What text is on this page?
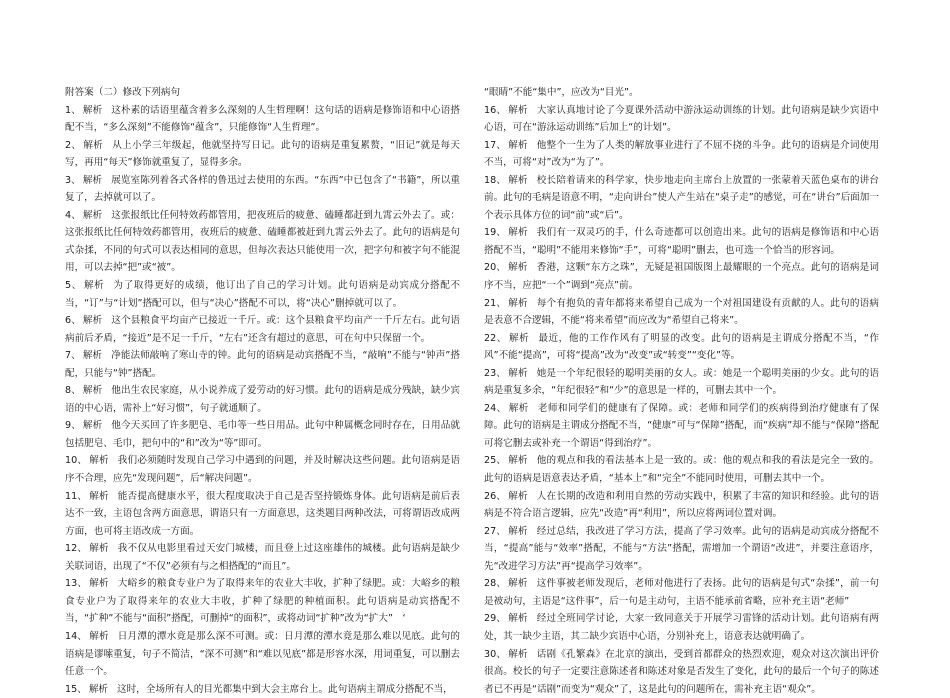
附答案（二）修改下列病句

1、 解析 这朴素的话语里蕴含着多么深刻的人生哲理啊！这句话的语病是修饰语和中心语搭配不当，“多么深刻”不能修饰“蕴含”，只能修饰“人生哲理”。

2、 解析 从上小学三年级起，他就坚持写日记。此句的语病是重复累赘，“旧记”就是每天写，再用“每天”修饰就重复了，显得多余。

3、 解析 展览室陈列着各式各样的鲁迅过去使用的东西。“东西”中已包含了“书籍”，所以重复了，去掉就可以了。

4、 解析 这张报纸比任何特效药都管用，把夜班后的疲惫、磕睡都赶到九霄云外去了。或：这张报纸比任何特效药都管用，夜班后的疲惫、磕睡都被赶到九霄云外去了。此句的语病是句式杂揉，不同的句式可以表达相同的意思，但每次表达只能使用一次，把字句和被字句不能混用，可以去掉“把”或“被”。

5、 解析 为了取得更好的成绩，他订出了自己的学习计划。此句语病是动宾成分搭配不当，“订”与“计划”搭配可以，但与“决心”搭配不可以，将“决心”删掉就可以了。

6、 解析 这个县粮食平均亩产已接近一千斤。或：这个县粮食平均亩产一千斤左右。此句语病前后矛盾，“接近”是不足一千斤，“左右”还含有超过的意思，可在句中只保留一个。

7、 解析 净能法师敲响了寒山寺的钟。此句的语病是动宾搭配不当，“敲响”不能与“钟声”搭配，只能与“钟”搭配。

8、 解析 他出生农民家庭，从小说养成了爱劳动的好习惯。此句的语病是成分残缺，缺少宾语的中心语，需补上“好习惯”，句子就通顺了。

9、 解析 他今天买回了许多肥皂、毛巾等一些日用品。此句中种属概念同时存在，日用品就包括肥皂、毛巾，把句中的“和”改为“等”即可。

10、 解析 我们必须随时发现自己学习中遇到的问题，并及时解决这些问题。此句语病是语序不合理，应先“发现问题”，后“解决问题”。

11、 解析 能否提高健康水平，很大程度取决于自己是否坚持锻炼身体。此句语病是前后表达不一致，主语包含两方面意思，谓语只有一方面意思，这类题目两种改法，可将谓语改成两方面，也可将主语改成一方面。

12、 解析 我不仅从电影里看过天安门城楼，而且登上过这座雄伟的城楼。此句语病是缺少关联词语，出现了“不仅”必须有与之相搭配的“而且”。

13、 解析 大峪乡的粮食专业户为了取得来年的农业大丰收，扩种了绿肥。或：大峪乡的粮食专业户为了取得来年的农业大丰收，扩种了绿肥的种植面积。此句语病是动宾搭配不当，“扩种”不能与“面积”搭配，可删掉“的面积”，或将动词“扩种”改为“扩大”　‘

14、 解析 日月潭的潭水竟是那么深不可测。或：日月潭的潭水竟是那么难以见底。此句的语病是谬嗦重复，句子不简洁，“深不可测”和“难以见底”都是形容水深，用词重复，可以删去任意一个。

15、 解析 这时，全场所有人的目光都集中到大会主席台上。此句语病主谓成分搭配不当，

“眼睛”不能“集中”，应改为“目光”。

16、 解析 大家认真地讨论了今夏课外活动中游泳运动训练的计划。此句语病是缺少宾语中心语，可在“游泳运动训练”后加上“的计划”。

17、 解析 他整个一生为了人类的解放事业进行了不屈不挠的斗争。此句的语病是介词使用不当，可将“对”改为“为了”。

18、 解析 校长陪着请来的科学家，快步地走向主席台上放置的一张蒙着天蓝色桌布的讲台前。此句的毛病是语意不明，“走向讲台”使人产生站在“桌子走”的感觉，可在“讲台”后面加一个表示具体方位的词“前”或“后”。

19、 解析 我们有一双灵巧的手，什么奇迹都可以创造出来。此句的语病是修饰语和中心语搭配不当，“聪明”不能用来修饰“手”，可将“聪明”删去，也可选一个恰当的形容词。

20、 解析 香港，这颗“东方之珠”，无疑是祖国版图上最耀眼的一个亮点。此句的语病是词序不当，应把“一个”调到“亮点”前。

21、 解析 每个有抱负的青年都将来希望自己成为一个对祖国建设有贡献的人。此句的语病是表意不合逻辑，不能“将来希望”而应改为“希望自己将来”。

22、 解析 最近，他的工作作风有了明显的改变。此句的语病是主谓成分搭配不当，“作风”不能“提高”，可将“提高”改为“改变”或“转变”“变化”等。

23、 解析 她是一个年纪很轻的聪明美丽的女人。或：她是一个聪明美丽的少女。此句的语病是重复多余，“年纪很轻”和“少”的意思是一样的，可删去其中一个。

24、 解析 老师和同学们的健康有了保障。或：老师和同学们的疾病得到治疗健康有了保障。此句的语病是主谓成分搭配不当，“健康”可与“保障”搭配，而“疾病”却不能与“保障”搭配可将它删去或补充一个谓语“得到治疗”。

25、 解析 他的观点和我的看法基本上是一致的。或：他的观点和我的看法是完全一致的。此句的语病是语意表达矛盾，“基本上”和“完全”不能同时使用，可删去其中一个。

26、 解析 人在长期的改造和利用自然的劳动实践中，积累了丰富的知识和经验。此句的语病是不符合语言逻辑，应先“改造”再“利用”，所以应将两词位置对调。

27、 解析 经过总结，我改进了学习方法，提高了学习效率。此句的语病是动宾成分搭配不当，“提高”能与“效率”搭配，不能与“方法”搭配，需增加一个谓语“改进”，并要注意语序，先“改进学习方法”再“提高学习效率”。

28、 解析 这件事被老师发现后，老师对他进行了表扬。此句的语病是句式“杂揉”，前一句是被动句，主语是“这件事”，后一句是主动句，主语不能承前省略，应补充主语“老师”

29、 解析 经过全班同学讨论，大家一致同意关于开展学习雷锋的活动计划。此句语病有两处，其一缺少主语，其二缺少宾语中心语，分别补充上，语意表达就明确了。

30、 解析 话剧《孔繁森》在北京的演出，受到首都群众的热烈欢迎，观众对这次演出评价很高。校长的句子一定要注意陈述者和陈述对象是否发生了变化，此句的最后一个句子的陈述者已不再是“话剧”而变为“观众”了，这是此句的问题所在，需补充主语“观众”。
